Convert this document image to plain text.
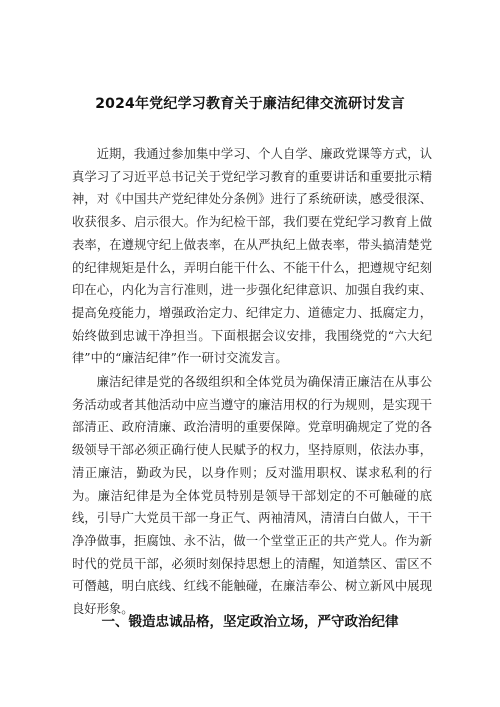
2024年党纪学习教育关于廉洁纪律交流研讨发言

近期，我通过参加集中学习、个人自学、廉政党课等方式，认真学习了习近平总书记关于党纪学习教育的重要讲话和重要批示精神，对《中国共产党纪律处分条例》进行了系统研读，感受很深、收获很多、启示很大。作为纪检干部，我们要在党纪学习教育上做表率，在遵规守纪上做表率，在从严执纪上做表率，带头搞清楚党的纪律规矩是什么，弄明白能干什么、不能干什么，把遵规守纪刻印在心，内化为言行准则，进一步强化纪律意识、加强自我约束、提高免疫能力，增强政治定力、纪律定力、道德定力、抵腐定力，始终做到忠诚干净担当。下面根据会议安排，我围绕党的“六大纪律”中的“廉洁纪律”作一研讨交流发言。

廉洁纪律是党的各级组织和全体党员为确保清正廉洁在从事公务活动或者其他活动中应当遵守的廉洁用权的行为规则，是实现干部清正、政府清廉、政治清明的重要保障。党章明确规定了党的各级领导干部必须正确行使人民赋予的权力，坚持原则，依法办事，清正廉洁，勤政为民，以身作则；反对滥用职权、谋求私利的行为。廉洁纪律是为全体党员特别是领导干部划定的不可触碰的底线，引导广大党员干部一身正气、两袖清风，清清白白做人，干干净净做事，拒腐蚀、永不沾，做一个堂堂正正的共产党人。作为新时代的党员干部，必须时刻保持思想上的清醒，知道禁区、雷区不可僭越，明白底线、红线不能触碰，在廉洁奉公、树立新风中展现良好形象。

一、锻造忠诚品格，坚定政治立场，严守政治纪律
